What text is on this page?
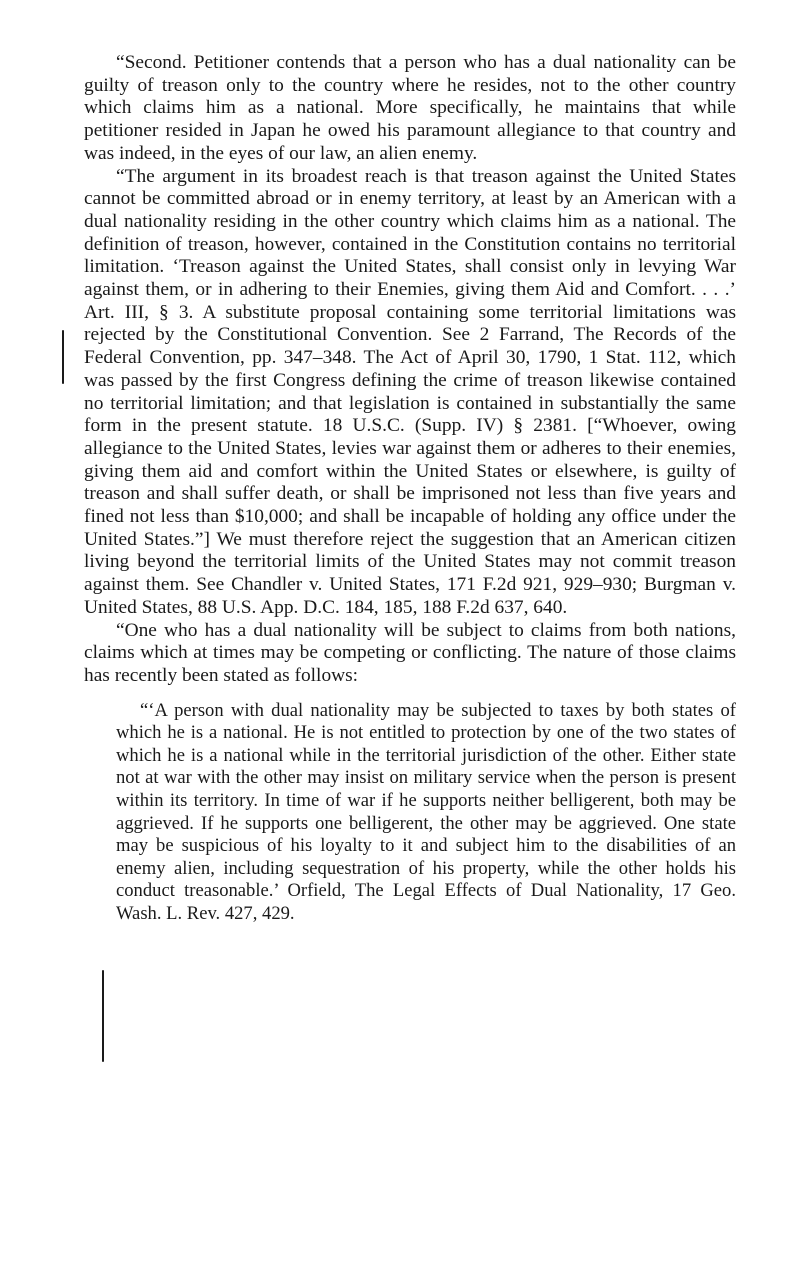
“Second. Petitioner contends that a person who has a dual nationality can be guilty of treason only to the country where he resides, not to the other country which claims him as a national. More specifically, he maintains that while petitioner resided in Japan he owed his paramount allegiance to that country and was indeed, in the eyes of our law, an alien enemy.

“The argument in its broadest reach is that treason against the United States cannot be committed abroad or in enemy territory, at least by an American with a dual nationality residing in the other country which claims him as a national. The definition of treason, however, contained in the Constitution contains no territorial limitation. ‘Treason against the United States, shall consist only in levying War against them, or in adhering to their Enemies, giving them Aid and Comfort. . . .’ Art. III, § 3. A substitute proposal containing some territorial limitations was rejected by the Constitutional Convention. See 2 Farrand, The Records of the Federal Convention, pp. 347–348. The Act of April 30, 1790, 1 Stat. 112, which was passed by the first Congress defining the crime of treason likewise contained no territorial limitation; and that legislation is contained in substantially the same form in the present statute. 18 U.S.C. (Supp. IV) § 2381. [“Whoever, owing allegiance to the United States, levies war against them or adheres to their enemies, giving them aid and comfort within the United States or elsewhere, is guilty of treason and shall suffer death, or shall be imprisoned not less than five years and fined not less than $10,000; and shall be incapable of holding any office under the United States.”] We must therefore reject the suggestion that an American citizen living beyond the territorial limits of the United States may not commit treason against them. See Chandler v. United States, 171 F.2d 921, 929–930; Burgman v. United States, 88 U.S. App. D.C. 184, 185, 188 F.2d 637, 640.

“One who has a dual nationality will be subject to claims from both nations, claims which at times may be competing or conflicting. The nature of those claims has recently been stated as follows:

“‘A person with dual nationality may be subjected to taxes by both states of which he is a national. He is not entitled to protection by one of the two states of which he is a national while in the territorial jurisdiction of the other. Either state not at war with the other may insist on military service when the person is present within its territory. In time of war if he supports neither belligerent, both may be aggrieved. If he supports one belligerent, the other may be aggrieved. One state may be suspicious of his loyalty to it and subject him to the disabilities of an enemy alien, including sequestration of his property, while the other holds his conduct treasonable.’ Orfield, The Legal Effects of Dual Nationality, 17 Geo. Wash. L. Rev. 427, 429.
